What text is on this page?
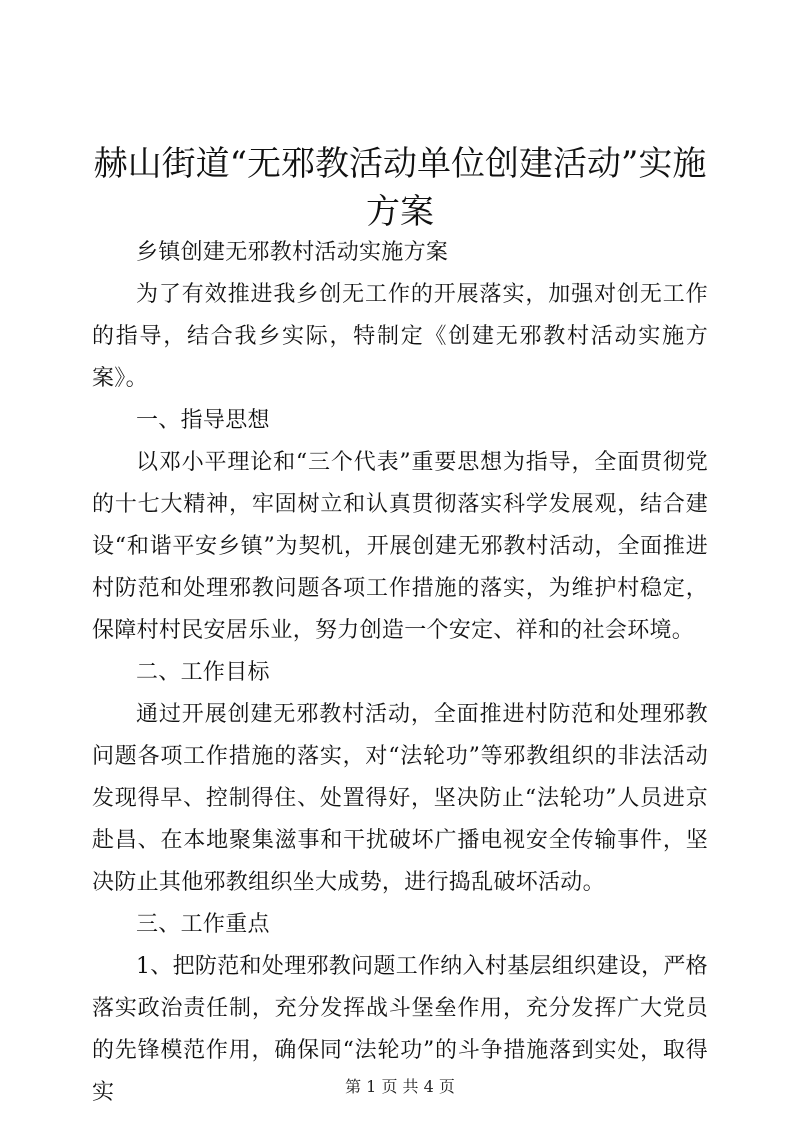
赫山街道“无邪教活动单位创建活动”实施方案

乡镇创建无邪教村活动实施方案

为了有效推进我乡创无工作的开展落实，加强对创无工作的指导，结合我乡实际，特制定《创建无邪教村活动实施方案》。

一、指导思想

以邓小平理论和“三个代表”重要思想为指导，全面贯彻党的十七大精神，牢固树立和认真贯彻落实科学发展观，结合建设“和谐平安乡镇”为契机，开展创建无邪教村活动，全面推进村防范和处理邪教问题各项工作措施的落实，为维护村稳定，保障村村民安居乐业，努力创造一个安定、祥和的社会环境。

二、工作目标

通过开展创建无邪教村活动，全面推进村防范和处理邪教问题各项工作措施的落实，对“法轮功”等邪教组织的非法活动发现得早、控制得住、处置得好，坚决防止“法轮功”人员进京赴昌、在本地聚集滋事和干扰破坏广播电视安全传输事件，坚决防止其他邪教组织坐大成势，进行捣乱破坏活动。

三、工作重点

1、把防范和处理邪教问题工作纳入村基层组织建设，严格落实政治责任制，充分发挥战斗堡垒作用，充分发挥广大党员的先锋模范作用，确保同“法轮功”的斗争措施落到实处，取得实	第 1 页 共 4 页
